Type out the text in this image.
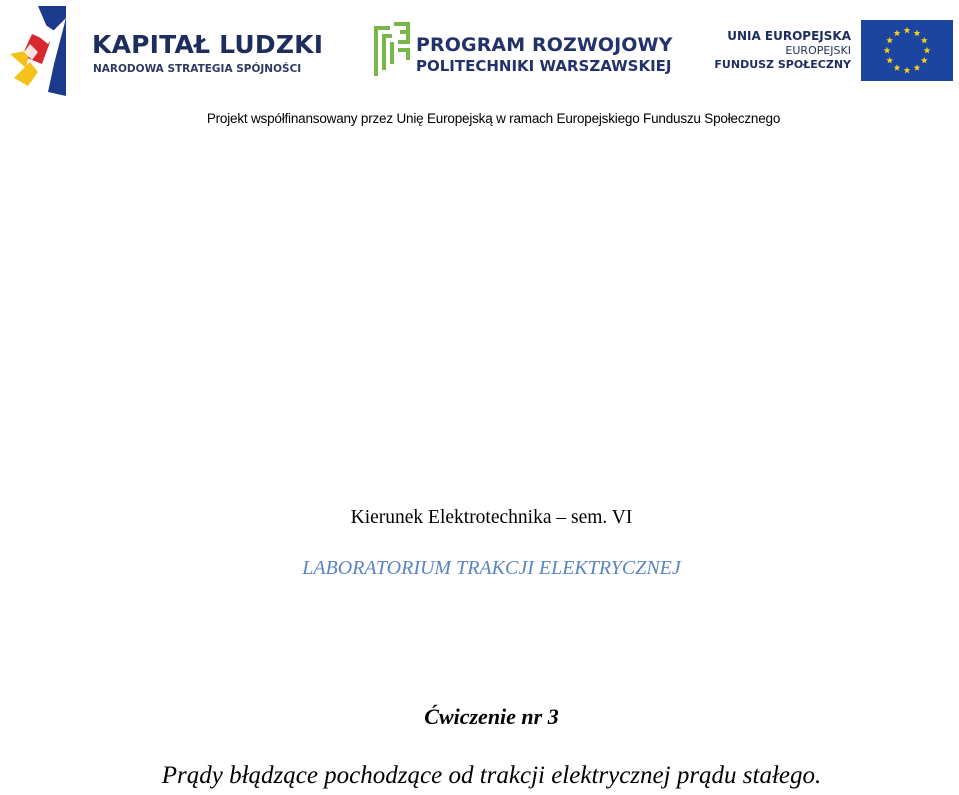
KAPITAŁ LUDZKI
NARODOWA STRATEGIA SPÓJNOŚCI
PROGRAM ROZWOJOWY
POLITECHNIKI WARSZAWSKIEJ
UNIA EUROPEJSKA
EUROPEJSKI
FUNDUSZ SPOŁECZNY
Projekt współfinansowany przez Unię Europejską w ramach Europejskiego Funduszu Społecznego
Kierunek Elektrotechnika – sem. VI
LABORATORIUM TRAKCJI ELEKTRYCZNEJ
Ćwiczenie nr 3
Prądy błądzące pochodzące od trakcji elektrycznej prądu stałego.
